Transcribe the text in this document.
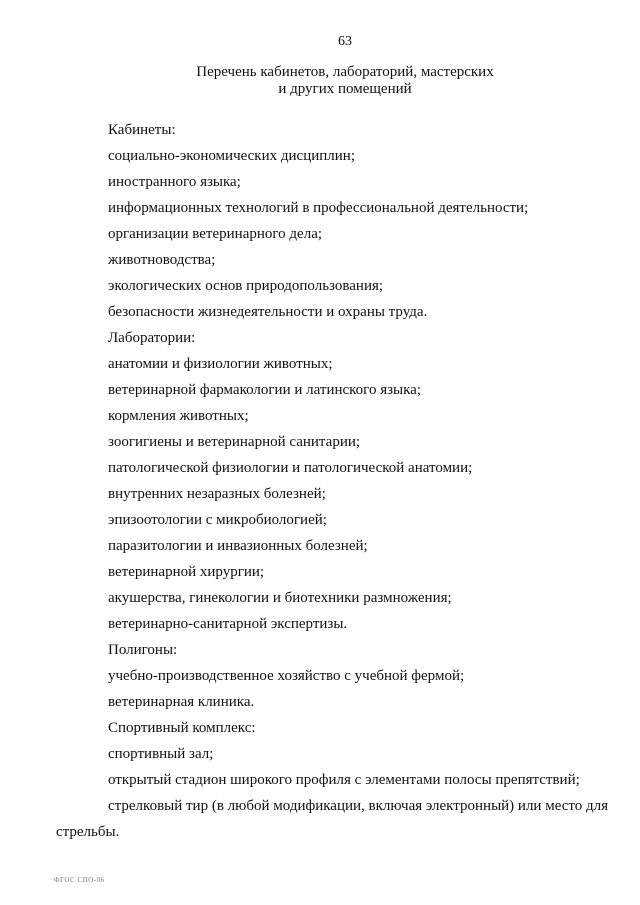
63
Перечень кабинетов, лабораторий, мастерских
и других помещений
Кабинеты:
социально-экономических дисциплин;
иностранного языка;
информационных технологий в профессиональной деятельности;
организации ветеринарного дела;
животноводства;
экологических основ природопользования;
безопасности жизнедеятельности и охраны труда.
Лаборатории:
анатомии и физиологии животных;
ветеринарной фармакологии и латинского языка;
кормления животных;
зоогигиены и ветеринарной санитарии;
патологической физиологии и патологической анатомии;
внутренних незаразных болезней;
эпизоотологии с микробиологией;
паразитологии и инвазионных болезней;
ветеринарной хирургии;
акушерства, гинекологии и биотехники размножения;
ветеринарно-санитарной экспертизы.
Полигоны:
учебно-производственное хозяйство с учебной фермой;
ветеринарная клиника.
Спортивный комплекс:
спортивный зал;
открытый стадион широкого профиля с элементами полосы препятствий;
стрелковый тир (в любой модификации, включая электронный) или место для
стрельбы.
ФГОС СПО-06
